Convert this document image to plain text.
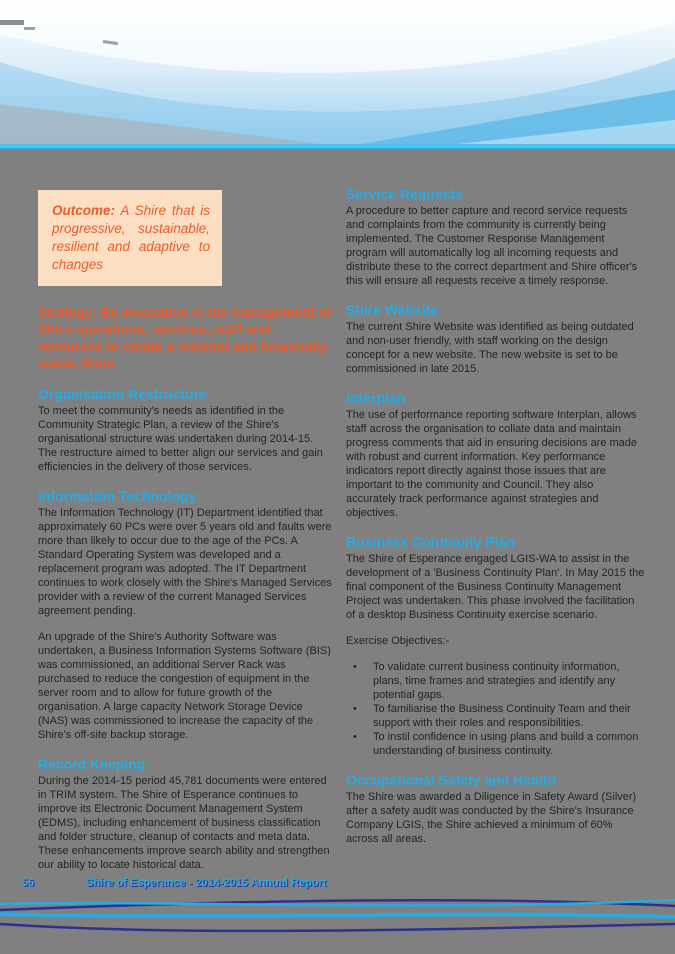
Outcome: A Shire that is progressive, sustainable, resilient and adaptive to changes

Strategy: Be innovative in the management of Shire operations, services, staff and resources to create a resilient and financially stable Shire

Organisation Restructure

To meet the community's needs as identified in the Community Strategic Plan, a review of the Shire's organisational structure was undertaken during 2014-15. The restructure aimed to better align our services and gain efficiencies in the delivery of those services.

Information Technology

The Information Technology (IT) Department identified that approximately 60 PCs were over 5 years old and faults were more than likely to occur due to the age of the PCs. A Standard Operating System was developed and a replacement program was adopted. The IT Department continues to work closely with the Shire's Managed Services provider with a review of the current Managed Services agreement pending.

An upgrade of the Shire's Authority Software was undertaken, a Business Information Systems Software (BIS) was commissioned, an additional Server Rack was purchased to reduce the congestion of equipment in the server room and to allow for future growth of the organisation. A large capacity Network Storage Device (NAS) was commissioned to increase the capacity of the Shire's off-site backup storage.

Record Keeping

During the 2014-15 period 45,781 documents were entered in TRIM system. The Shire of Esperance continues to improve its Electronic Document Management System (EDMS), including enhancement of business classification and folder structure, cleanup of contacts and meta data. These enhancements improve search ability and strengthen our ability to locate historical data.

Service Requests

A procedure to better capture and record service requests and complaints from the community is currently being implemented. The Customer Response Management program will automatically log all incoming requests and distribute these to the correct department and Shire officer's this will ensure all requests receive a timely response.

Shire Website

The current Shire Website was identified as being outdated and non-user friendly, with staff working on the design concept for a new website. The new website is set to be commissioned in late 2015.

Interplan

The use of performance reporting software Interplan, allows staff across the organisation to collate data and maintain progress comments that aid in ensuring decisions are made with robust and current information. Key performance indicators report directly against those issues that are important to the community and Council. They also accurately track performance against strategies and objectives.

Business Continuity Plan

The Shire of Esperance engaged LGIS-WA to assist in the development of a 'Business Continuity Plan'. In May 2015 the final component of the Business Continuity Management Project was undertaken. This phase involved the facilitation of a desktop Business Continuity exercise scenario.

Exercise Objectives:-

• To validate current business continuity information, plans, time frames and strategies and identify any potential gaps.
• To familiarise the Business Continuity Team and their support with their roles and responsibilities.
• To instil confidence in using plans and build a common understanding of business continuity.
Occupational Safety and Health

The Shire was awarded a Diligence in Safety Award (Silver) after a safety audit was conducted by the Shire's Insurance Company LGIS, the Shire achieved a minimum of 60% across all areas.

56	Shire of Esperance - 2014-2015 Annual Report
